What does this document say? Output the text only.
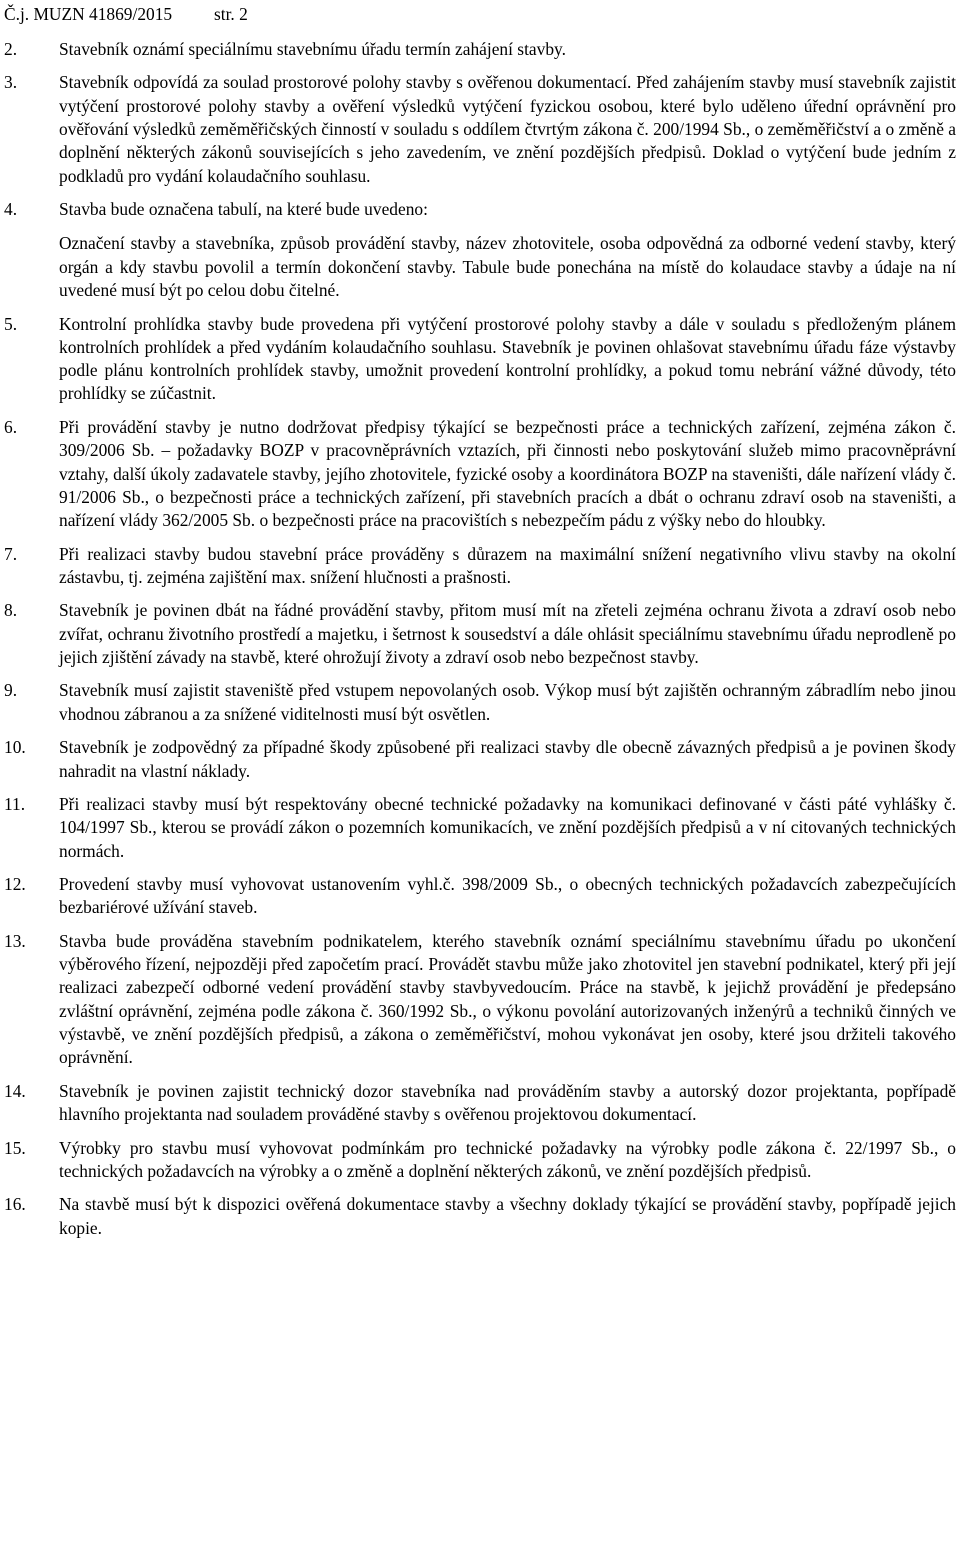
Č.j. MUZN 41869/2015	str. 2
2.	Stavebník oznámí speciálnímu stavebnímu úřadu termín zahájení stavby.
3.	Stavebník odpovídá za soulad prostorové polohy stavby s ověřenou dokumentací. Před zahájením stavby musí stavebník zajistit vytýčení prostorové polohy stavby a ověření výsledků vytýčení fyzickou osobou, které bylo uděleno úřední oprávnění pro ověřování výsledků zeměměřičských činností v souladu s oddílem čtvrtým zákona č. 200/1994 Sb., o zeměměřičství a o změně a doplnění některých zákonů souvisejících s jeho zavedením, ve znění pozdějších předpisů. Doklad o vytýčení bude jedním z podkladů pro vydání kolaudačního souhlasu.
4.	Stavba bude označena tabulí, na které bude uvedeno:
Označení stavby a stavebníka, způsob provádění stavby, název zhotovitele, osoba odpovědná za odborné vedení stavby, který orgán a kdy stavbu povolil a termín dokončení stavby. Tabule bude ponechána na místě do kolaudace stavby a údaje na ní uvedené musí být po celou dobu čitelné.
5.	Kontrolní prohlídka stavby bude provedena při vytýčení prostorové polohy stavby a dále v souladu s předloženým plánem kontrolních prohlídek a před vydáním kolaudačního souhlasu. Stavebník je povinen ohlašovat stavebnímu úřadu fáze výstavby podle plánu kontrolních prohlídek stavby, umožnit provedení kontrolní prohlídky, a pokud tomu nebrání vážné důvody, této prohlídky se zúčastnit.
6.	Při provádění stavby je nutno dodržovat předpisy týkající se bezpečnosti práce a technických zařízení, zejména zákon č. 309/2006 Sb. – požadavky BOZP v pracovněprávních vztazích, při činnosti nebo poskytování služeb mimo pracovněprávní vztahy, další úkoly zadavatele stavby, jejího zhotovitele, fyzické osoby a koordinátora BOZP na staveništi, dále nařízení vlády č. 91/2006 Sb., o bezpečnosti práce a technických zařízení, při stavebních pracích a dbát o ochranu zdraví osob na staveništi, a nařízení vlády 362/2005 Sb. o bezpečnosti práce na pracovištích s nebezpečím pádu z výšky nebo do hloubky.
7.	Při realizaci stavby budou stavební práce prováděny s důrazem na maximální snížení negativního vlivu stavby na okolní zástavbu, tj. zejména zajištění max. snížení hlučnosti a prašnosti.
8.	Stavebník je povinen dbát na řádné provádění stavby, přitom musí mít na zřeteli zejména ochranu života a zdraví osob nebo zvířat, ochranu životního prostředí a majetku, i šetrnost k sousedství a dále ohlásit speciálnímu stavebnímu úřadu neprodleně po jejich zjištění závady na stavbě, které ohrožují životy a zdraví osob nebo bezpečnost stavby.
9.	Stavebník musí zajistit staveniště před vstupem nepovolaných osob. Výkop musí být zajištěn ochranným zábradlím nebo jinou vhodnou zábranou a za snížené viditelnosti musí být osvětlen.
10.	Stavebník je zodpovědný za případné škody způsobené při realizaci stavby dle obecně závazných předpisů a je povinen škody nahradit na vlastní náklady.
11.	Při realizaci stavby musí být respektovány obecné technické požadavky na komunikaci definované v části páté vyhlášky č. 104/1997 Sb., kterou se provádí zákon o pozemních komunikacích, ve znění pozdějších předpisů a v ní citovaných technických normách.
12.	Provedení stavby musí vyhovovat ustanovením vyhl.č. 398/2009 Sb., o obecných technických požadavcích zabezpečujících bezbariérové užívání staveb.
13.	Stavba bude prováděna stavebním podnikatelem, kterého stavebník oznámí speciálnímu stavebnímu úřadu po ukončení výběrového řízení, nejpozději před započetím prací. Provádět stavbu může jako zhotovitel jen stavební podnikatel, který při její realizaci zabezpečí odborné vedení provádění stavby stavbyvedoucím. Práce na stavbě, k jejichž provádění je předepsáno zvláštní oprávnění, zejména podle zákona č. 360/1992 Sb., o výkonu povolání autorizovaných inženýrů a techniků činných ve výstavbě, ve znění pozdějších předpisů, a zákona o zeměměřičství, mohou vykonávat jen osoby, které jsou držiteli takového oprávnění.
14.	Stavebník je povinen zajistit technický dozor stavebníka nad prováděním stavby a autorský dozor projektanta, popřípadě hlavního projektanta nad souladem prováděné stavby s ověřenou projektovou dokumentací.
15.	Výrobky pro stavbu musí vyhovovat podmínkám pro technické požadavky na výrobky podle zákona č. 22/1997 Sb., o technických požadavcích na výrobky a o změně a doplnění některých zákonů, ve znění pozdějších předpisů.
16.	Na stavbě musí být k dispozici ověřená dokumentace stavby a všechny doklady týkající se provádění stavby, popřípadě jejich kopie.
